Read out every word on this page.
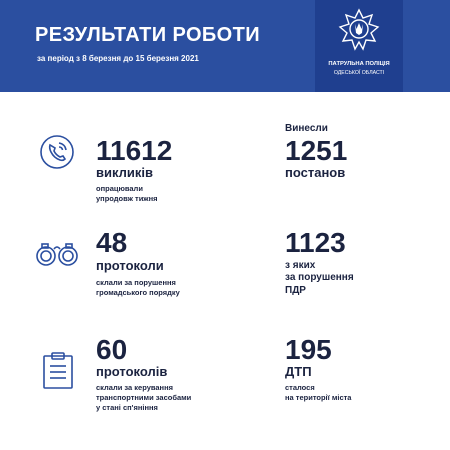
РЕЗУЛЬТАТИ РОБОТИ
за період з 8 березня до 15 березня 2021
ПАТРУЛЬНА ПОЛІЦІЯ
ОДЕСЬКОЇ ОБЛАСТІ
11612
викликів
опрацювали
упродовж тижня
Винесли
1251
постанов
48
протоколи
склали за порушення
громадського порядку
1123
з яких
за порушення
ПДР
60
протоколів
склали за керування
транспортними засобами
у стані сп'яніння
195
ДТП
сталося
на території міста
